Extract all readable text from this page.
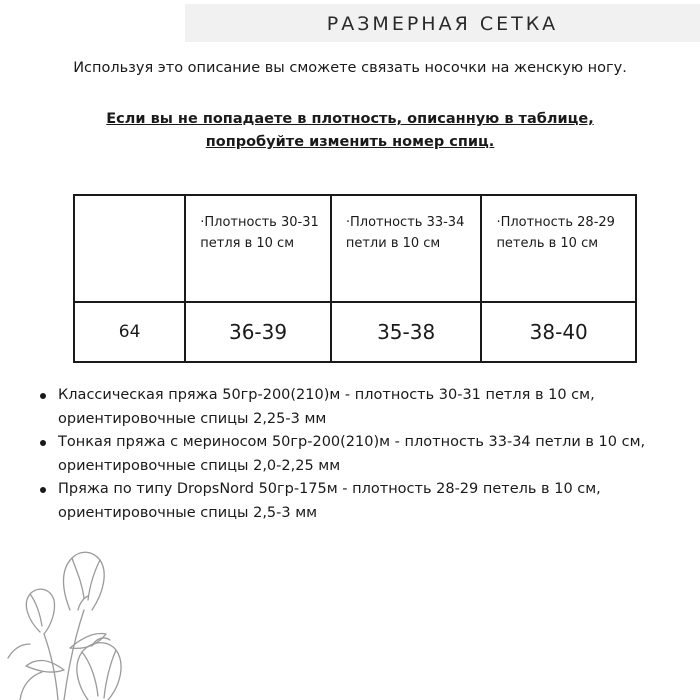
РАЗМЕРНАЯ СЕТКА
Используя это описание вы сможете связать носочки на женскую ногу.
Если вы не попадаете в плотность, описанную в таблице,
попробуйте изменить номер спиц.
	·Плотность 30-31 петля в 10 см	·Плотность 33-34 петли в 10 см	·Плотность 28-29 петель в 10 см
64	36-39	35-38	38-40
Классическая пряжа 50гр-200(210)м - плотность 30-31 петля в 10 см, ориентировочные спицы 2,25-3 мм
Тонкая пряжа с мериносом 50гр-200(210)м - плотность 33-34 петли в 10 см, ориентировочные спицы 2,0-2,25 мм
Пряжа по типу DropsNord 50гр-175м - плотность 28-29 петель в 10 см, ориентировочные спицы 2,5-3 мм
